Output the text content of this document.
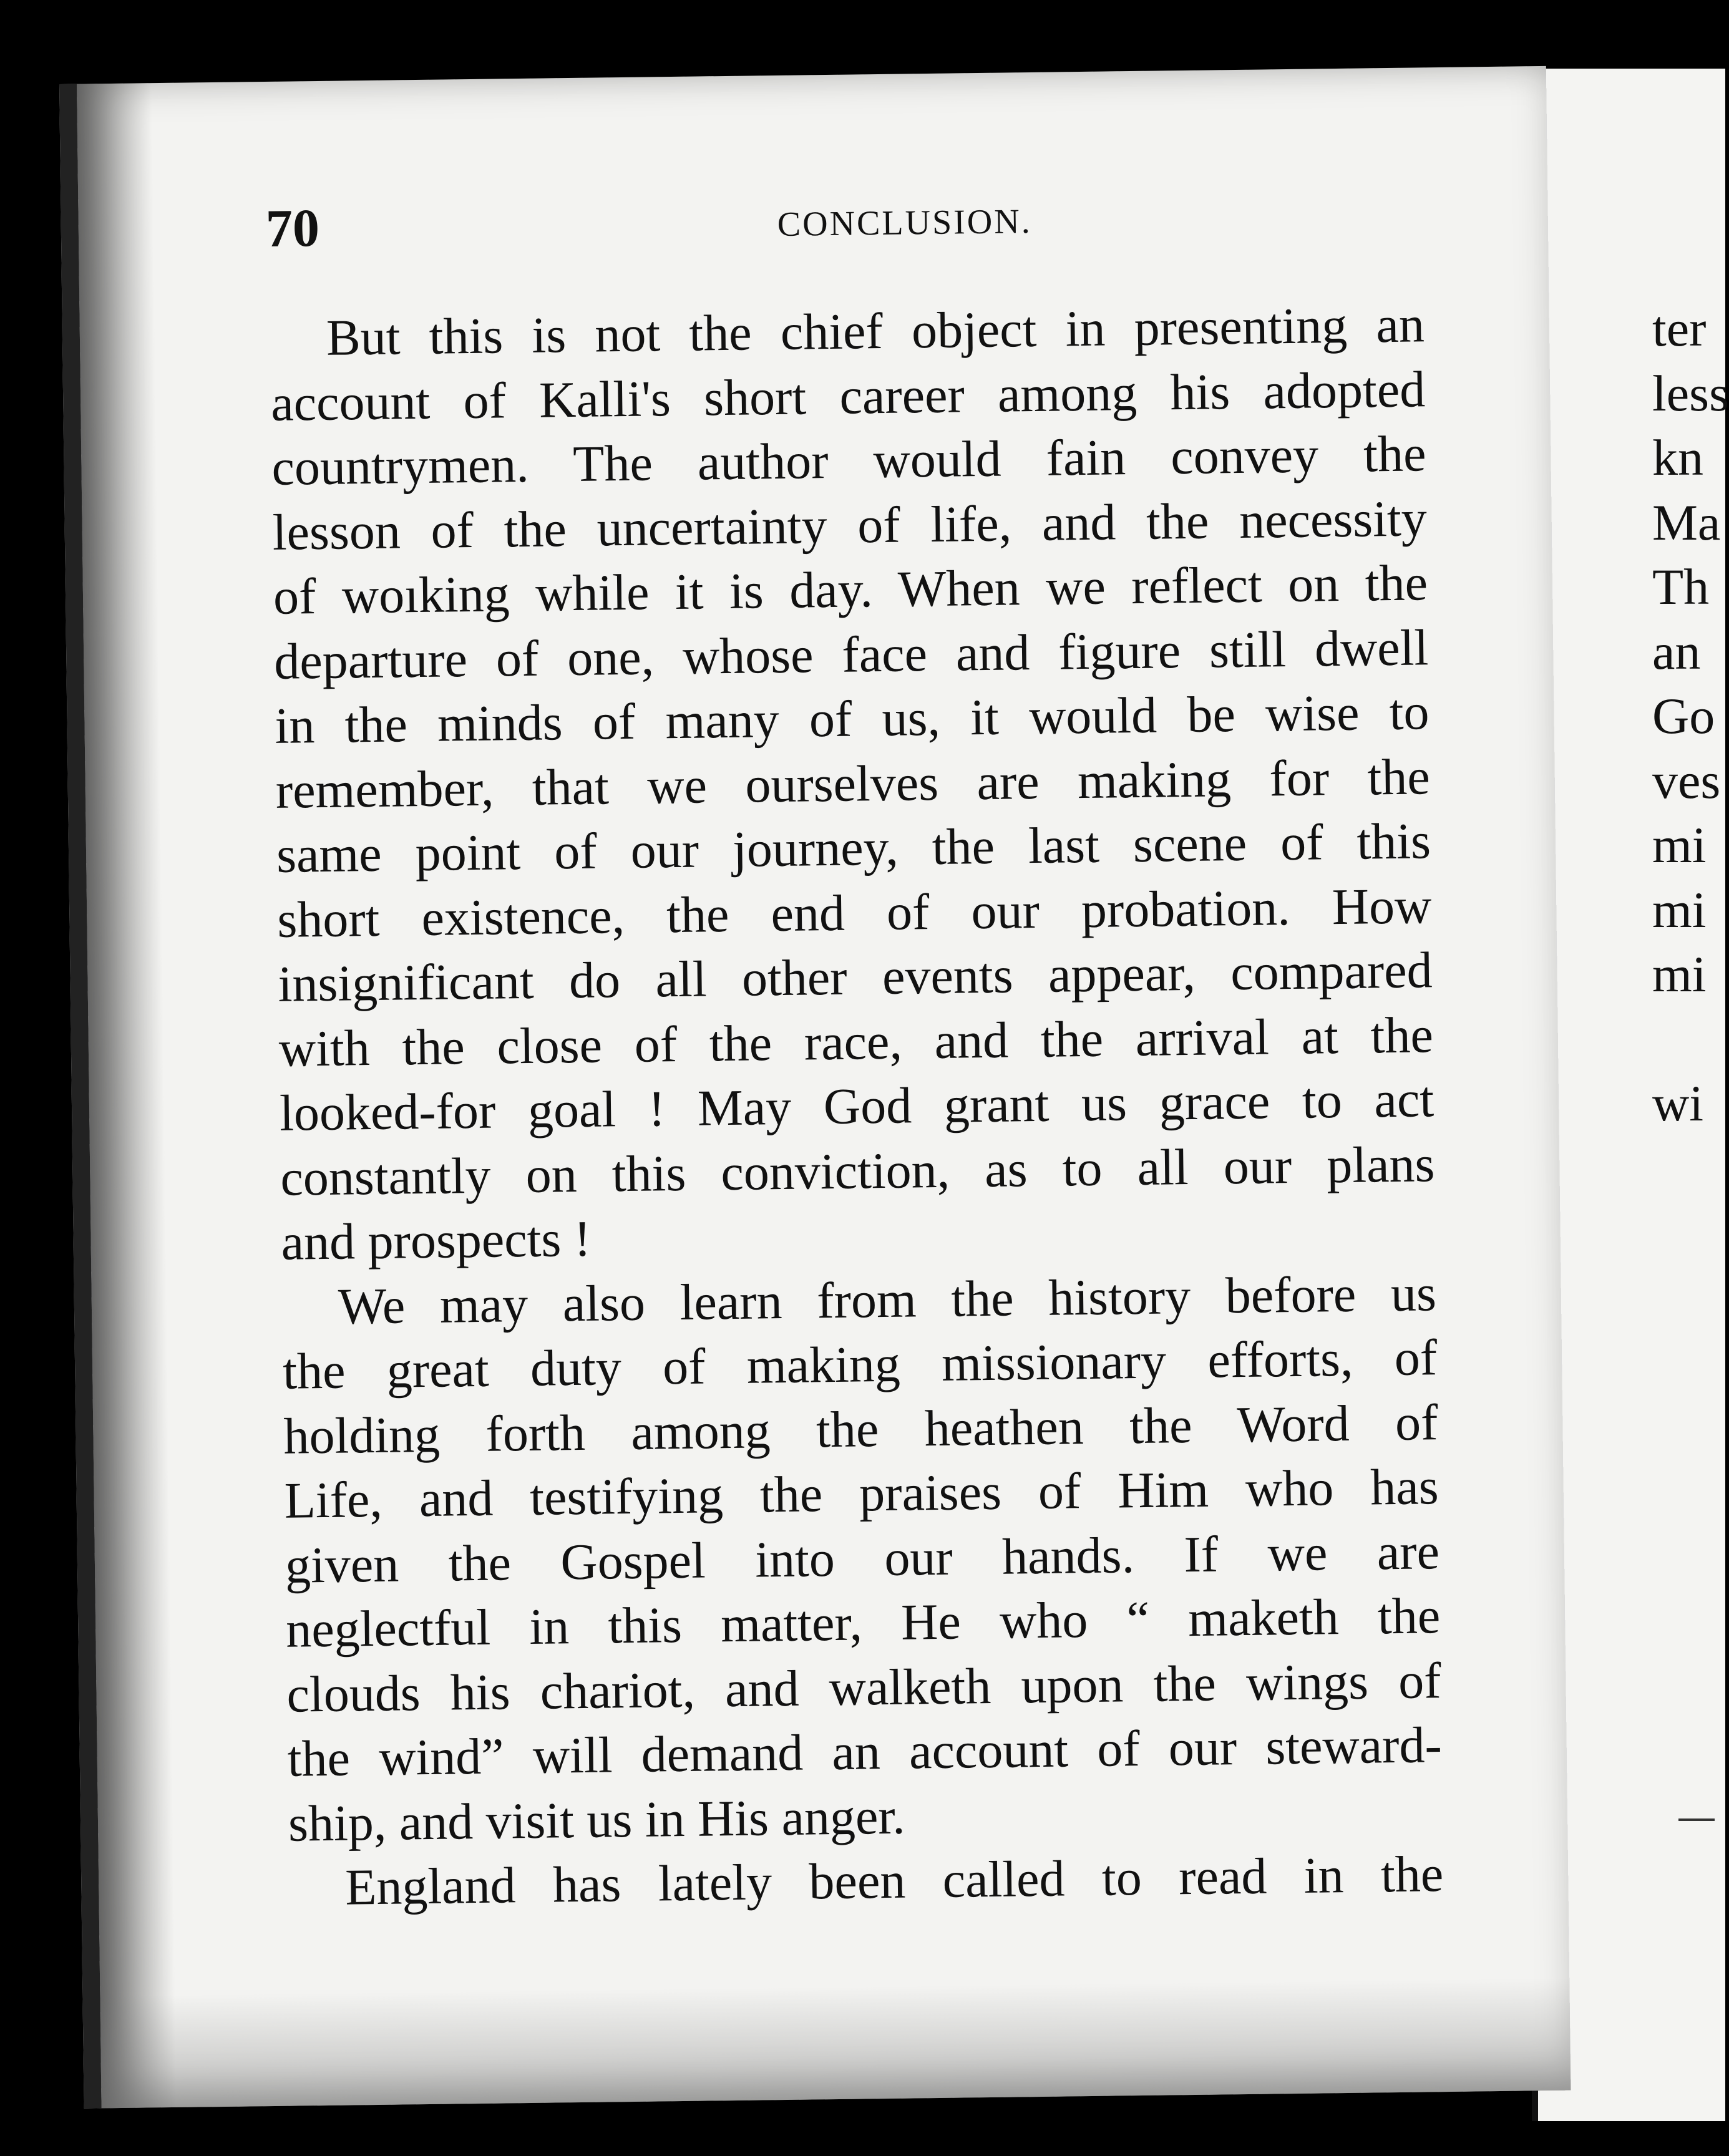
ter
less
kn
Ma
Th
an
Go
ves
mi
mi
mi
wi
70	CONCLUSION.
But this is not the chief object in presenting an
account of Kalli's short career among his adopted
countrymen. The author would fain convey the
lesson of the uncertainty of life, and the necessity
of woıking while it is day. When we reflect on the
departure of one, whose face and figure still dwell
in the minds of many of us, it would be wise to
remember, that we ourselves are making for the
same point of our journey, the last scene of this
short existence, the end of our probation. How
insignificant do all other events appear, compared
with the close of the race, and the arrival at the
looked-for goal ! May God grant us grace to act
constantly on this conviction, as to all our plans
and prospects !
We may also learn from the history before us
the great duty of making missionary efforts, of
holding forth among the heathen the Word of
Life, and testifying the praises of Him who has
given the Gospel into our hands. If we are
neglectful in this matter, He who “ maketh the
clouds his chariot, and walketh upon the wings of
the wind” will demand an account of our steward-
ship, and visit us in His anger.
England has lately been called to read in the
